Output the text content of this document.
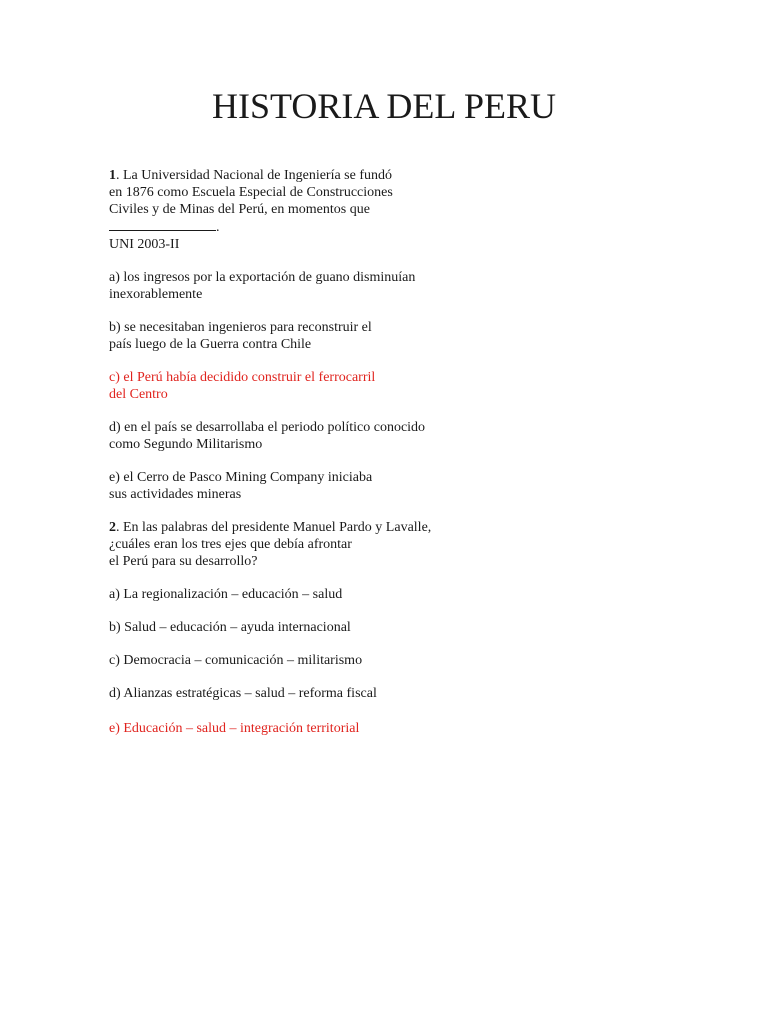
HISTORIA DEL PERU
1. La Universidad Nacional de Ingeniería se fundó
en 1876 como Escuela Especial de Construcciones
Civiles y de Minas del Perú, en momentos que
.
UNI 2003-II
a) los ingresos por la exportación de guano disminuían
inexorablemente
b) se necesitaban ingenieros para reconstruir el
país luego de la Guerra contra Chile
c) el Perú había decidido construir el ferrocarril
del Centro
d) en el país se desarrollaba el periodo político conocido
como Segundo Militarismo
e) el Cerro de Pasco Mining Company iniciaba
sus actividades mineras
2. En las palabras del presidente Manuel Pardo y Lavalle,
¿cuáles eran los tres ejes que debía afrontar
el Perú para su desarrollo?
a) La regionalización – educación – salud
b) Salud – educación – ayuda internacional
c) Democracia – comunicación – militarismo
d) Alianzas estratégicas – salud – reforma fiscal
e) Educación – salud – integración territorial
